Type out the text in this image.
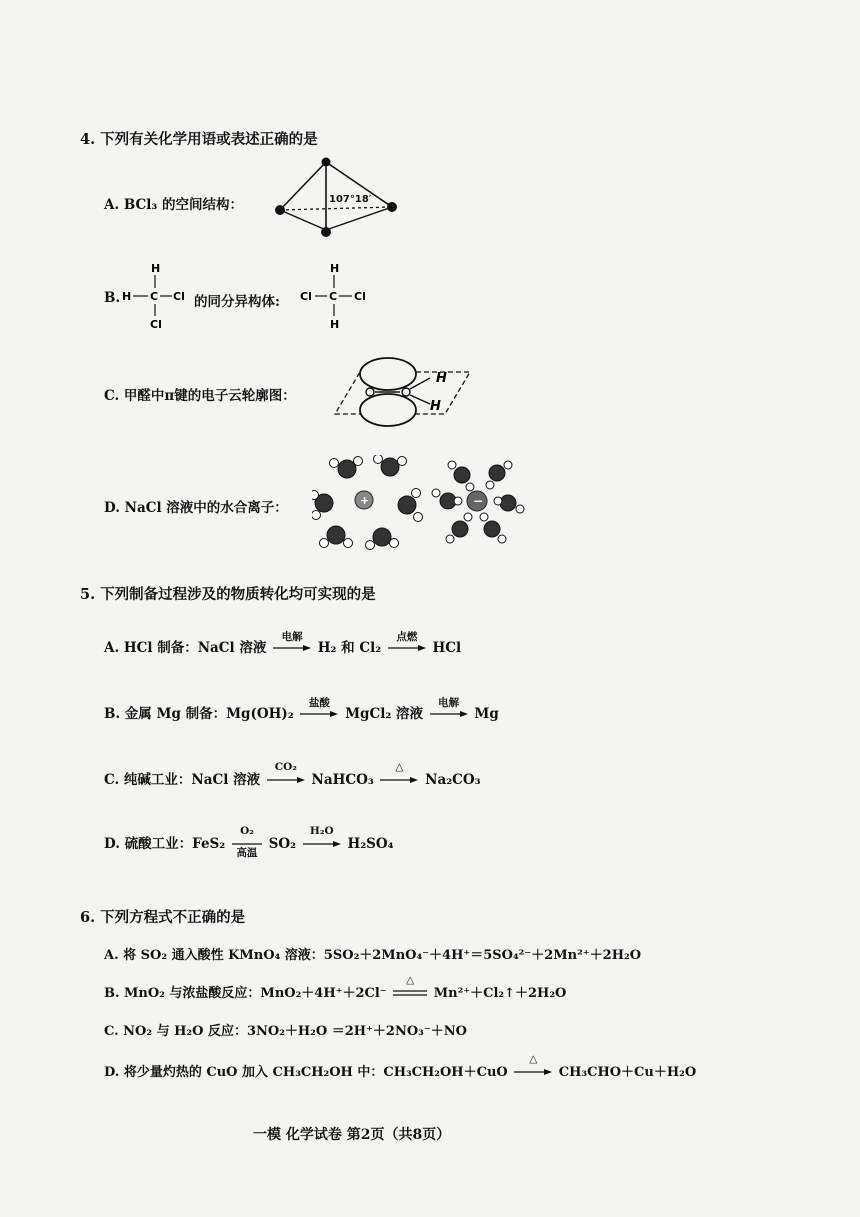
4. 下列有关化学用语或表述正确的是
A. BCl₃ 的空间结构：	107°18′
B.
H
H C Cl
Cl
的同分异构体:
H
Cl C Cl
H
C. 甲醛中π键的电子云轮廓图：
H
H
D. NaCl 溶液中的水合离子：	+	−
5. 下列制备过程涉及的物质转化均可实现的是
A. HCl 制备：NaCl 溶液
电解
H₂ 和 Cl₂
点燃
HCl
B. 金属 Mg 制备：Mg(OH)₂
盐酸
MgCl₂ 溶液
电解
Mg
C. 纯碱工业：NaCl 溶液
CO₂
NaHCO₃
△
Na₂CO₃
D. 硫酸工业：FeS₂
O₂
高温
SO₂
H₂O
H₂SO₄
6. 下列方程式不正确的是
A. 将 SO₂ 通入酸性 KMnO₄ 溶液：5SO₂＋2MnO₄⁻＋4H⁺＝5SO₄²⁻＋2Mn²⁺＋2H₂O
B. MnO₂ 与浓盐酸反应：MnO₂＋4H⁺＋2Cl⁻
△
Mn²⁺＋Cl₂↑＋2H₂O
C. NO₂ 与 H₂O 反应：3NO₂＋H₂O ＝2H⁺＋2NO₃⁻＋NO
D. 将少量灼热的 CuO 加入 CH₃CH₂OH 中：CH₃CH₂OH＋CuO
△
CH₃CHO＋Cu＋H₂O
一模 化学试卷 第2页（共8页）
